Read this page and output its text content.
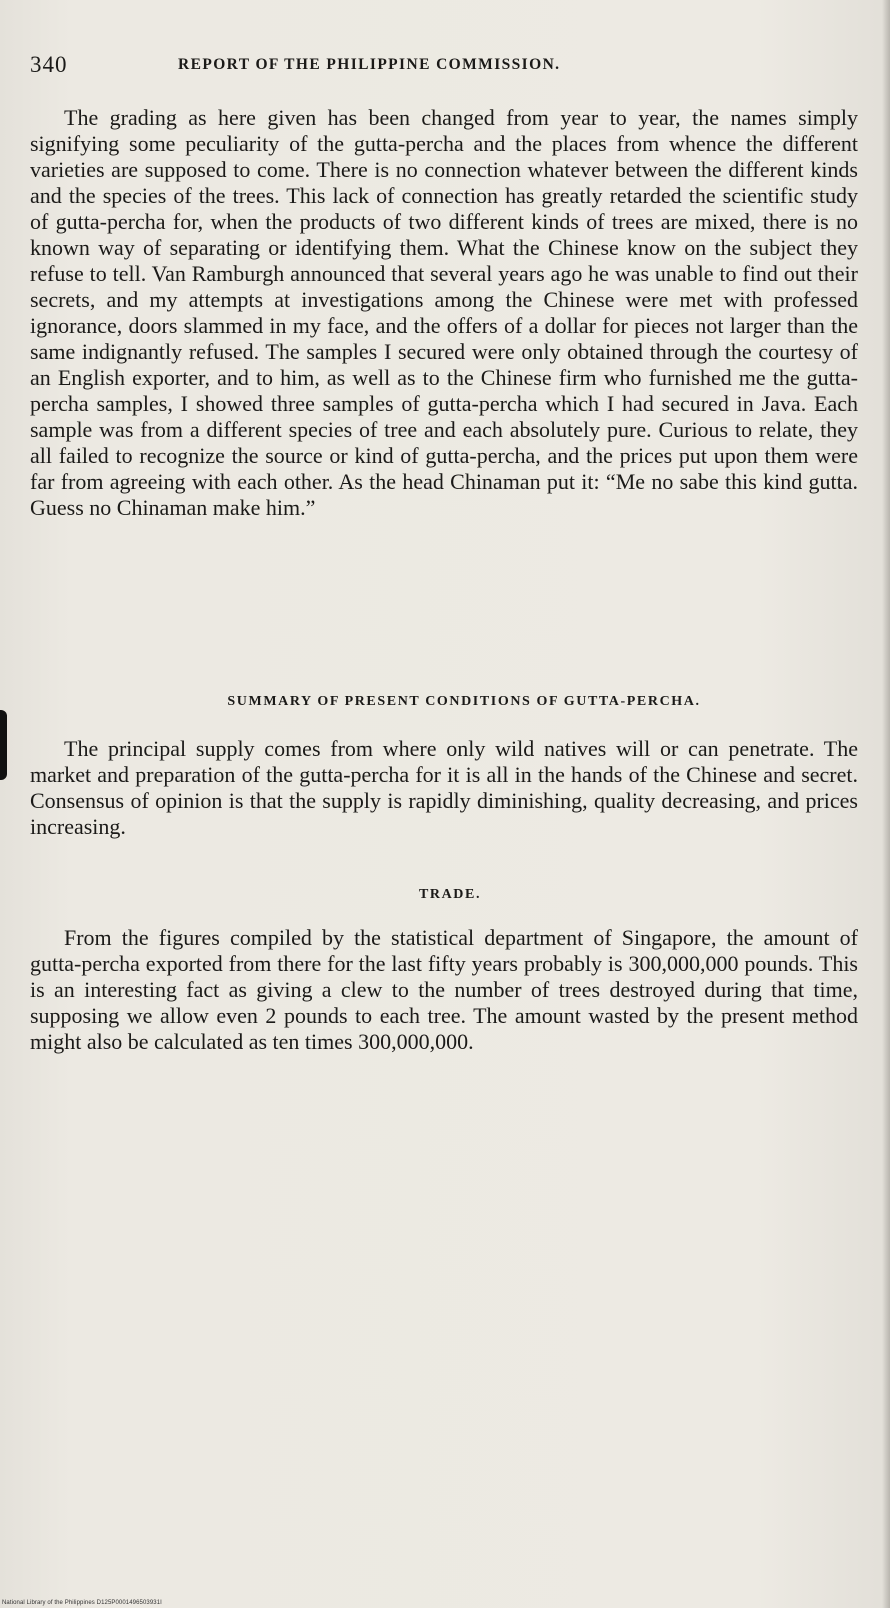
340	REPORT OF THE PHILIPPINE COMMISSION.

The grading as here given has been changed from year to year, the names simply signifying some peculiarity of the gutta-percha and the places from whence the different varieties are supposed to come. There is no connection whatever between the different kinds and the species of the trees. This lack of connection has greatly retarded the scientific study of gutta-percha for, when the products of two different kinds of trees are mixed, there is no known way of separating or identifying them. What the Chinese know on the subject they refuse to tell. Van Ramburgh announced that several years ago he was unable to find out their secrets, and my attempts at investigations among the Chinese were met with professed ignorance, doors slammed in my face, and the offers of a dollar for pieces not larger than the same indignantly refused. The samples I secured were only obtained through the courtesy of an English exporter, and to him, as well as to the Chinese firm who furnished me the gutta-percha samples, I showed three samples of gutta-percha which I had secured in Java. Each sample was from a different species of tree and each absolutely pure. Curious to relate, they all failed to recognize the source or kind of gutta-percha, and the prices put upon them were far from agreeing with each other. As the head Chinaman put it: “Me no sabe this kind gutta. Guess no Chinaman make him.”

SUMMARY OF PRESENT CONDITIONS OF GUTTA-PERCHA.

The principal supply comes from where only wild natives will or can penetrate. The market and preparation of the gutta-percha for it is all in the hands of the Chinese and secret. Consensus of opinion is that the supply is rapidly diminishing, quality decreasing, and prices increasing.

TRADE.

From the figures compiled by the statistical department of Singapore, the amount of gutta-percha exported from there for the last fifty years probably is 300,000,000 pounds. This is an interesting fact as giving a clew to the number of trees destroyed during that time, supposing we allow even 2 pounds to each tree. The amount wasted by the present method might also be calculated as ten times 300,000,000.

National Library of the Philippines D125P0001496503931I
